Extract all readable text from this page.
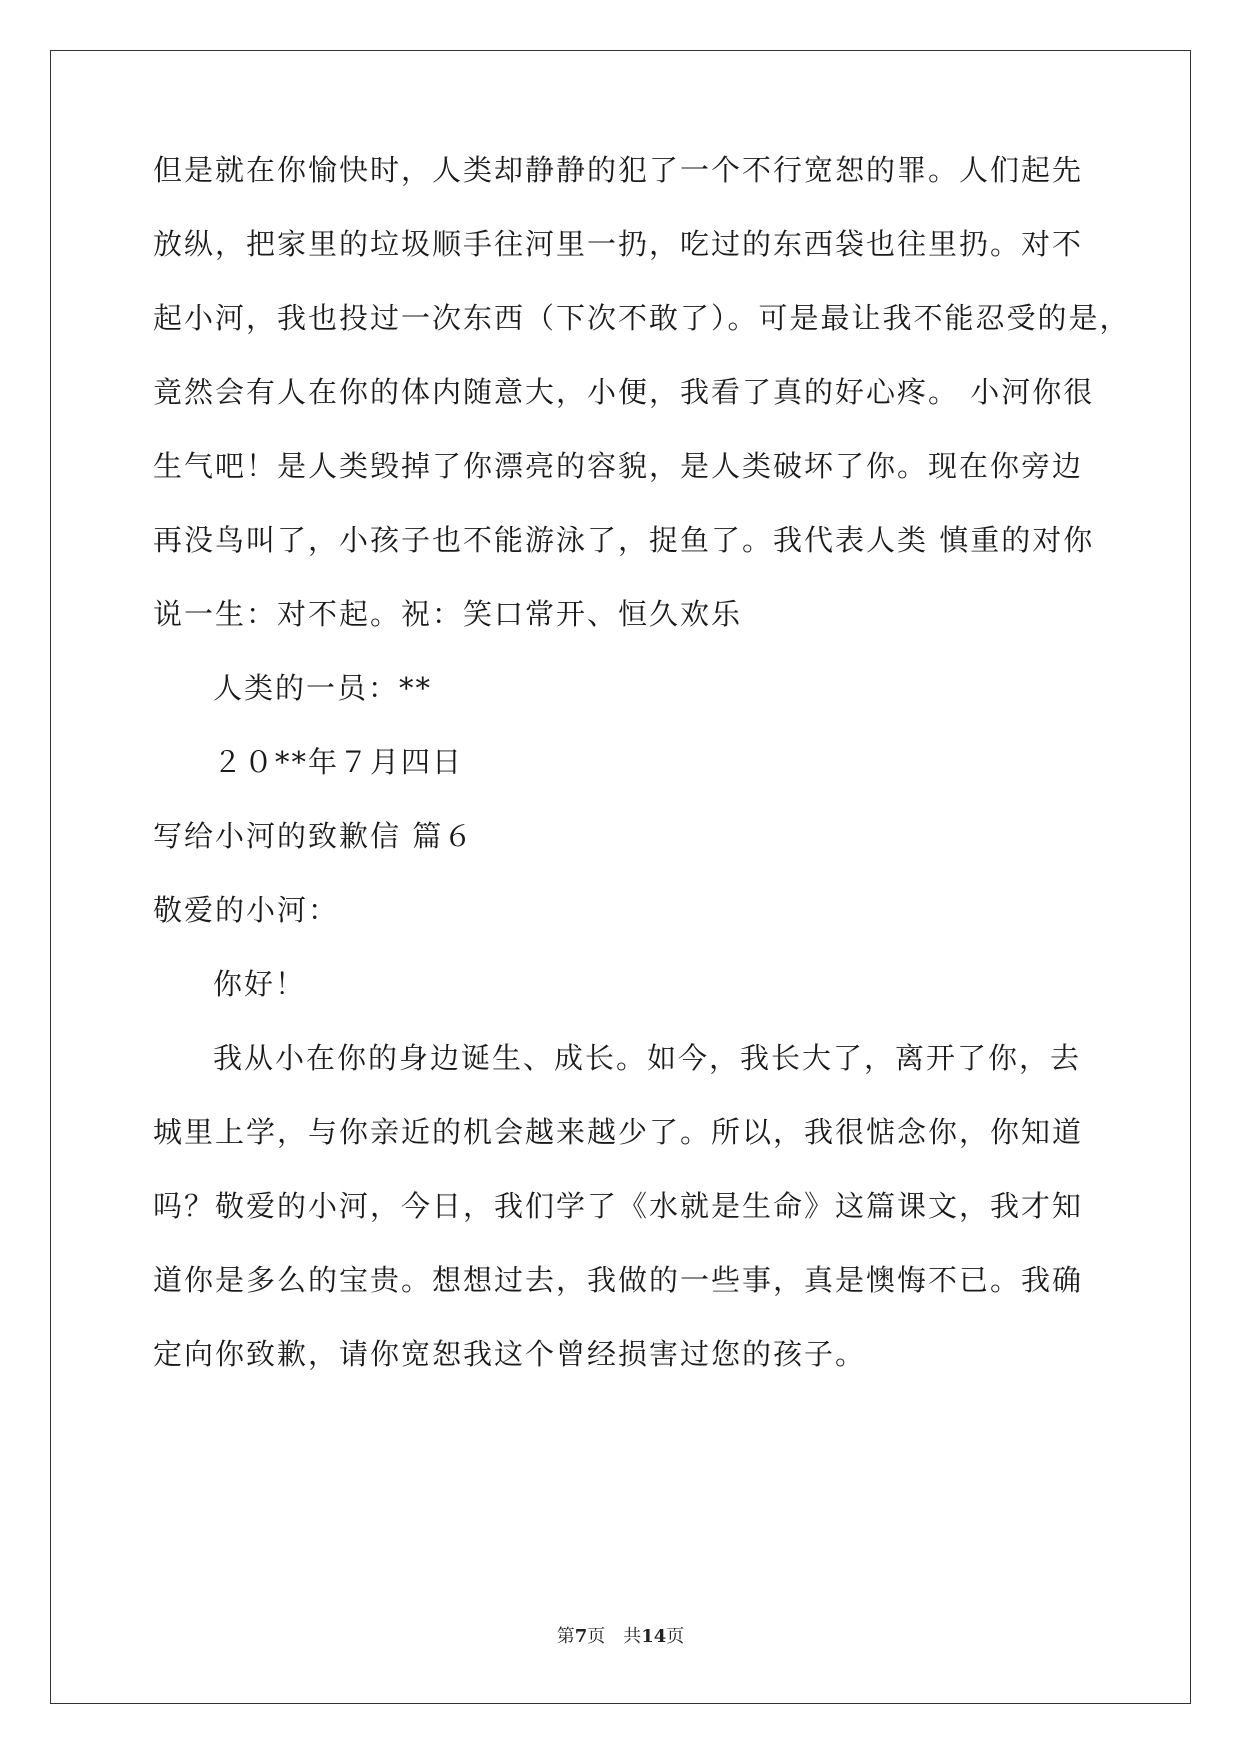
但是就在你愉快时，人类却静静的犯了一个不行宽恕的罪。人们起先
放纵，把家里的垃圾顺手往河里一扔，吃过的东西袋也往里扔。对不
起小河，我也投过一次东西（下次不敢了）。可是最让我不能忍受的是，
竟然会有人在你的体内随意大，小便，我看了真的好心疼。 小河你很
生气吧！是人类毁掉了你漂亮的容貌，是人类破坏了你。现在你旁边
再没鸟叫了，小孩子也不能游泳了，捉鱼了。我代表人类 慎重的对你
说一生：对不起。祝：笑口常开、恒久欢乐
人类的一员：**
２０**年７月四日
写给小河的致歉信 篇６
敬爱的小河：
你好！
我从小在你的身边诞生、成长。如今，我长大了，离开了你，去
城里上学，与你亲近的机会越来越少了。所以，我很惦念你，你知道
吗？敬爱的小河，今日，我们学了《水就是生命》这篇课文，我才知
道你是多么的宝贵。想想过去，我做的一些事，真是懊悔不已。我确
定向你致歉，请你宽恕我这个曾经损害过您的孩子。
第7页　共14页
